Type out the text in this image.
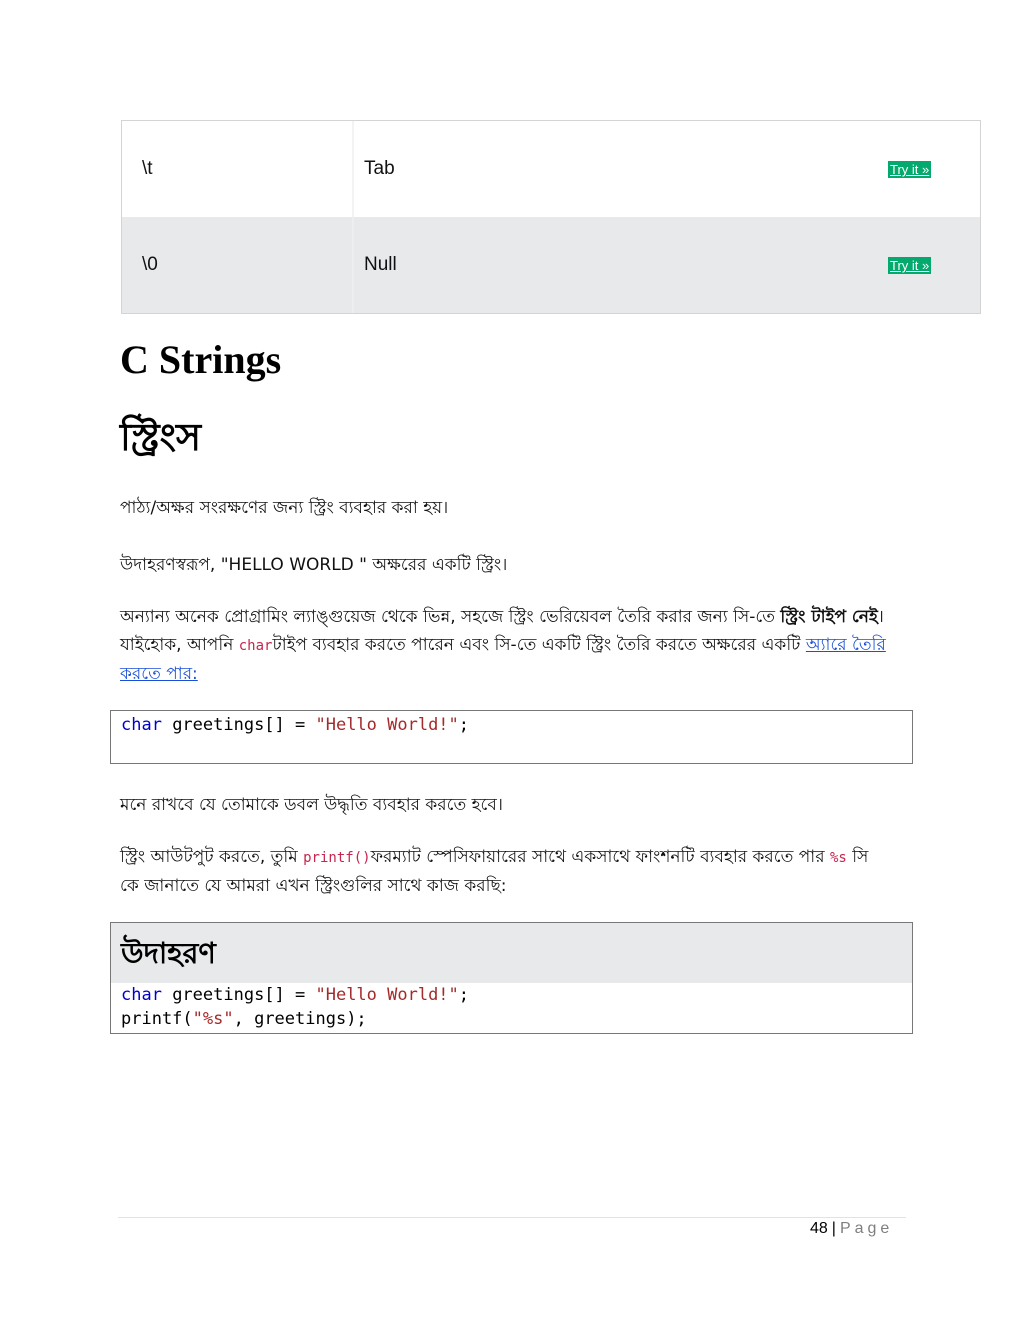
\t	Tab	Try it »
\0	Null	Try it »
C Strings
স্ট্রিংস

পাঠ্য/অক্ষর সংরক্ষণের জন্য স্ট্রিং ব্যবহার করা হয়।

উদাহরণস্বরূপ, "HELLO WORLD " অক্ষরের একটি স্ট্রিং।

অন্যান্য অনেক প্রোগ্রামিং ল্যাঙ্গুয়েজ থেকে ভিন্ন, সহজে স্ট্রিং ভেরিয়েবল তৈরি করার জন্য সি-তে স্ট্রিং টাইপ নেই। যাইহোক, আপনি charটাইপ ব্যবহার করতে পারেন এবং সি-তে একটি স্ট্রিং তৈরি করতে অক্ষরের একটি অ্যারে তৈরি করতে পার:

char greetings[] = "Hello World!";

মনে রাখবে যে তোমাকে ডবল উদ্ধৃতি ব্যবহার করতে হবে।

স্ট্রিং আউটপুট করতে, তুমি printf()ফরম্যাট স্পেসিফায়ারের সাথে একসাথে ফাংশনটি ব্যবহার করতে পার %s সি কে জানাতে যে আমরা এখন স্ট্রিংগুলির সাথে কাজ করছি:

উদাহরণ
char greetings[] = "Hello World!";
printf("%s", greetings);
48 | Page
